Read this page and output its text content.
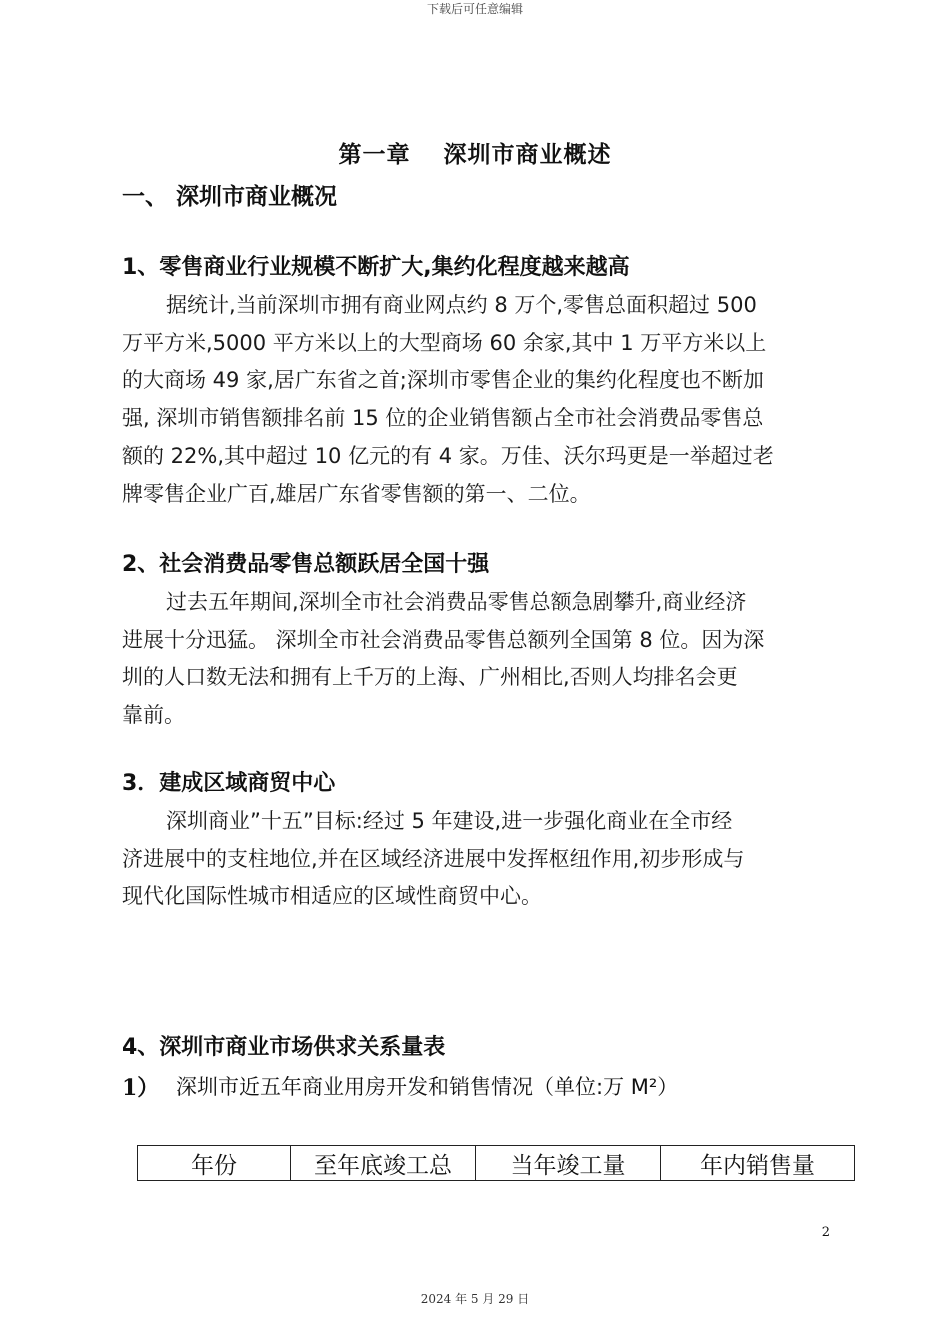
下载后可任意编辑
第一章　 深圳市商业概述
一、 深圳市商业概况
1、零售商业行业规模不断扩大,集约化程度越来越高
据统计,当前深圳市拥有商业网点约 8 万个,零售总面积超过 500
万平方米,5000 平方米以上的大型商场 60 余家,其中 1 万平方米以上
的大商场 49 家,居广东省之首;深圳市零售企业的集约化程度也不断加
强, 深圳市销售额排名前 15 位的企业销售额占全市社会消费品零售总
额的 22%,其中超过 10 亿元的有 4 家。万佳、沃尔玛更是一举超过老
牌零售企业广百,雄居广东省零售额的第一、二位。
2、社会消费品零售总额跃居全国十强
过去五年期间,深圳全市社会消费品零售总额急剧攀升,商业经济
进展十分迅猛。 深圳全市社会消费品零售总额列全国第 8 位。因为深
圳的人口数无法和拥有上千万的上海、广州相比,否则人均排名会更
靠前。
3．建成区域商贸中心
深圳商业”十五”目标:经过 5 年建设,进一步强化商业在全市经
济进展中的支柱地位,并在区域经济进展中发挥枢纽作用,初步形成与
现代化国际性城市相适应的区域性商贸中心。
4、深圳市商业市场供求关系量表
1） 深圳市近五年商业用房开发和销售情况（单位:万 M²）
年份	至年底竣工总	当年竣工量	年内销售量
2
2024 年 5 月 29 日
